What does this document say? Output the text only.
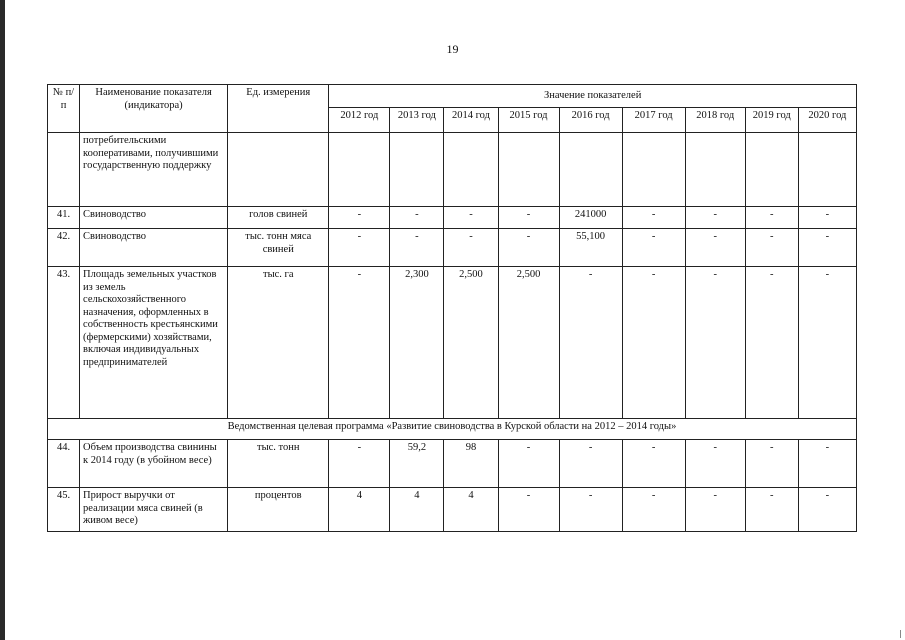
19
№ п/п	Наименование показателя (индикатора)	Ед. измерения	Значение показателей								
			2012 год	2013 год	2014 год	2015 год	2016 год	2017 год	2018 год	2019 год	2020 год
	потребительскими кооперативами, получившими государственную поддержку										
41.	Свиноводство	голов свиней	-	-	-	-	241000	-	-	-	-
42.	Свиноводство	тыс. тонн мяса свиней	-	-	-	-	55,100	-	-	-	-
43.	Площадь земельных участков из земель сельскохозяйственного назначения, оформленных в собственность крестьянскими (фермерскими) хозяйствами, включая индивидуальных предпринимателей	тыс. га	-	2,300	2,500	2,500	-	-	-	-	-
Ведомственная целевая программа «Развитие свиноводства в Курской области на 2012 – 2014 годы»											
44.	Объем производства свинины к 2014 году (в убойном весе)	тыс. тонн	-	59,2	98	-	-	-	-	-	-
45.	Прирост выручки от реализации мяса свиней (в живом весе)	процентов	4	4	4	-	-	-	-	-	-
